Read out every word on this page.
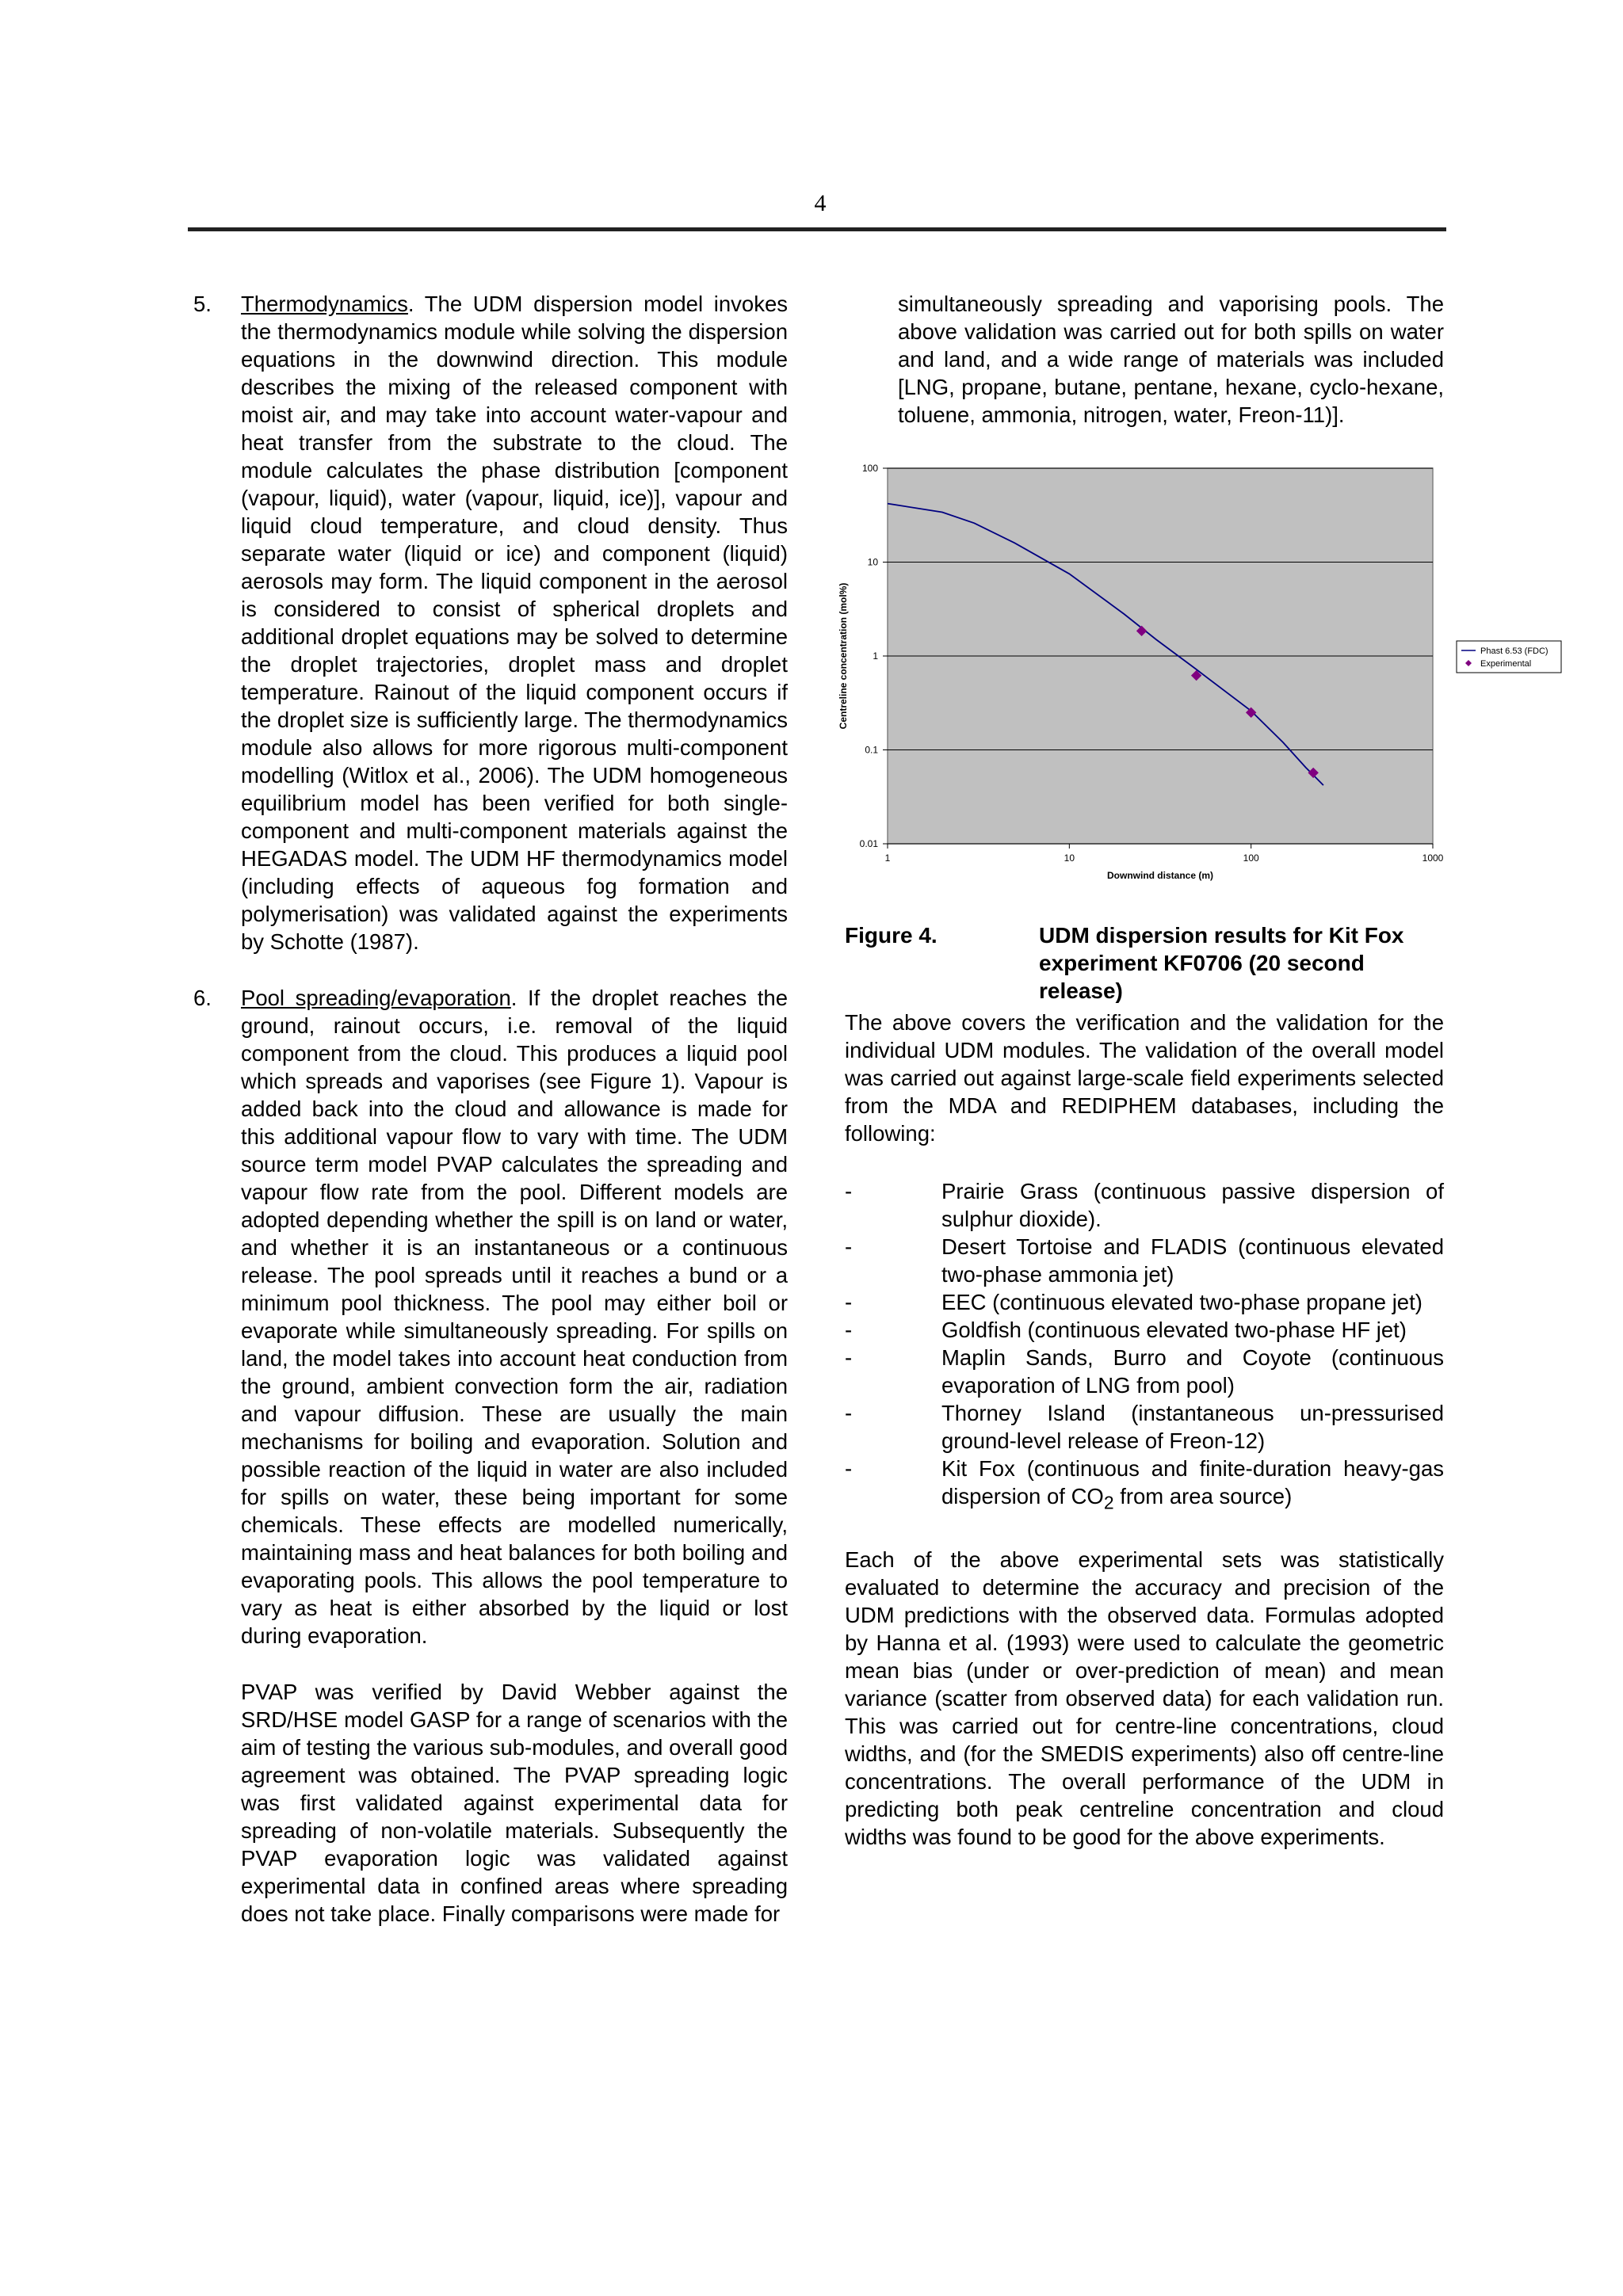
4
5. Thermodynamics. The UDM dispersion model invokes the thermodynamics module while solving the dispersion equations in the downwind direction. This module describes the mixing of the released component with moist air, and may take into account water-vapour and heat transfer from the substrate to the cloud. The module calculates the phase distribution [component (vapour, liquid), water (vapour, liquid, ice)], vapour and liquid cloud temperature, and cloud density. Thus separate water (liquid or ice) and component (liquid) aerosols may form. The liquid component in the aerosol is considered to consist of spherical droplets and additional droplet equations may be solved to determine the droplet trajectories, droplet mass and droplet temperature. Rainout of the liquid component occurs if the droplet size is sufficiently large. The thermodynamics module also allows for more rigorous multi-component modelling (Witlox et al., 2006). The UDM homogeneous equilibrium model has been verified for both single-component and multi-component materials against the HEGADAS model. The UDM HF thermodynamics model (including effects of aqueous fog formation and polymerisation) was validated against the experiments by Schotte (1987).

6. Pool spreading/evaporation. If the droplet reaches the ground, rainout occurs, i.e. removal of the liquid component from the cloud. This produces a liquid pool which spreads and vaporises (see Figure 1). Vapour is added back into the cloud and allowance is made for this additional vapour flow to vary with time. The UDM source term model PVAP calculates the spreading and vapour flow rate from the pool. Different models are adopted depending whether the spill is on land or water, and whether it is an instantaneous or a continuous release. The pool spreads until it reaches a bund or a minimum pool thickness. The pool may either boil or evaporate while simultaneously spreading. For spills on land, the model takes into account heat conduction from the ground, ambient convection form the air, radiation and vapour diffusion. These are usually the main mechanisms for boiling and evaporation. Solution and possible reaction of the liquid in water are also included for spills on water, these being important for some chemicals. These effects are modelled numerically, maintaining mass and heat balances for both boiling and evaporating pools. This allows the pool temperature to vary as heat is either absorbed by the liquid or lost during evaporation.

PVAP was verified by David Webber against the SRD/HSE model GASP for a range of scenarios with the aim of testing the various sub-modules, and overall good agreement was obtained. The PVAP spreading logic was first validated against experimental data for spreading of non-volatile materials. Subsequently the PVAP evaporation logic was validated against experimental data in confined areas where spreading does not take place. Finally comparisons were made for

simultaneously spreading and vaporising pools. The above validation was carried out for both spills on water and land, and a wide range of materials was included [LNG, propane, butane, pentane, hexane, cyclo-hexane, toluene, ammonia, nitrogen, water, Freon-11)].

0.01
0.1
1
10
100
1	10	100	1000
Downwind distance (m)
Centreline concentration (mol%)	Phast 6.53 (FDC)
Experimental
Figure 4.	UDM dispersion results for Kit Fox experiment KF0706 (20 second release)

The above covers the verification and the validation for the individual UDM modules. The validation of the overall model was carried out against large-scale field experiments selected from the MDA and REDIPHEM databases, including the following:

-	Prairie Grass (continuous passive dispersion of sulphur dioxide).
-	Desert Tortoise and FLADIS (continuous elevated two-phase ammonia jet)
-	EEC (continuous elevated two-phase propane jet)
-	Goldfish (continuous elevated two-phase HF jet)
-	Maplin Sands, Burro and Coyote (continuous evaporation of LNG from pool)
-	Thorney Island (instantaneous un-pressurised ground-level release of Freon-12)
-	Kit Fox (continuous and finite-duration heavy-gas dispersion of $CO_2$ from area source)

Each of the above experimental sets was statistically evaluated to determine the accuracy and precision of the UDM predictions with the observed data. Formulas adopted by Hanna et al. (1993) were used to calculate the geometric mean bias (under or over-prediction of mean) and mean variance (scatter from observed data) for each validation run. This was carried out for centre-line concentrations, cloud widths, and (for the SMEDIS experiments) also off centre-line concentrations. The overall performance of the UDM in predicting both peak centreline concentration and cloud widths was found to be good for the above experiments.
